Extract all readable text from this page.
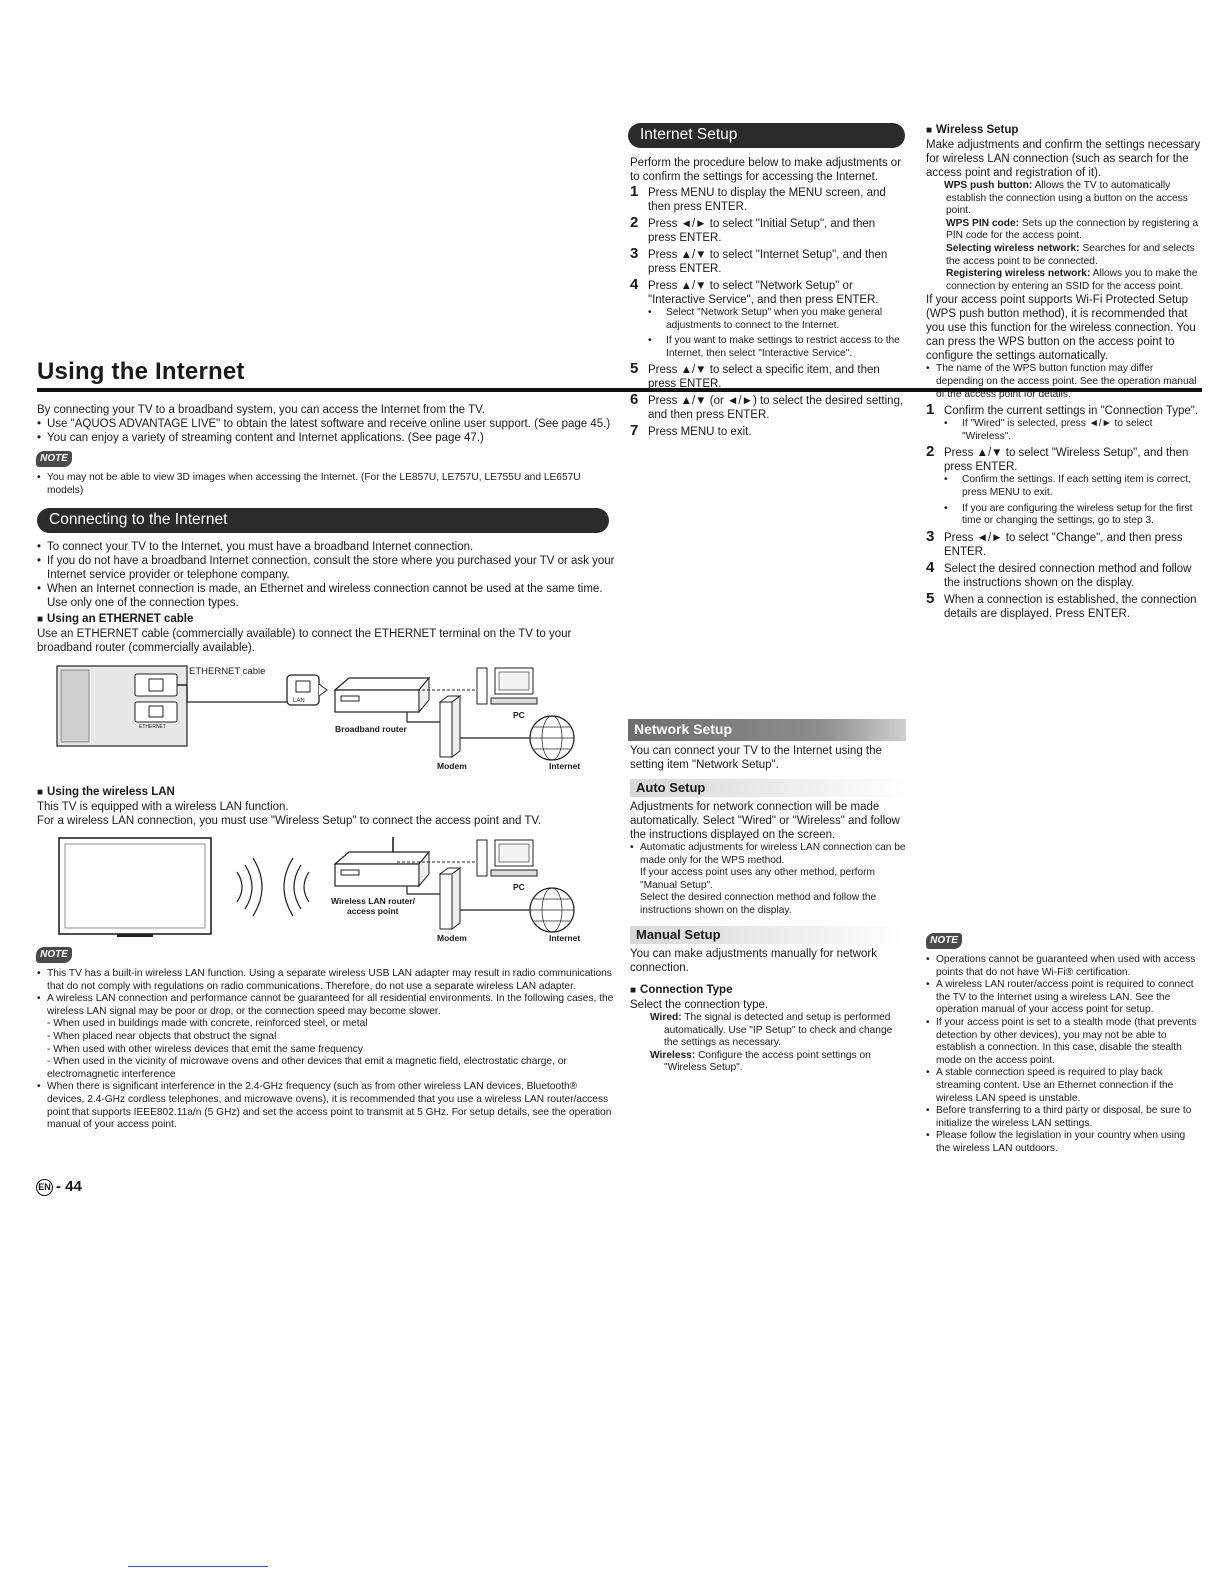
Using the Internet

By connecting your TV to a broadband system, you can access the Internet from the TV.

• Use "AQUOS ADVANTAGE LIVE" to obtain the latest software and receive online user support. (See page 45.)
• You can enjoy a variety of streaming content and Internet applications. (See page 47.)
NOTE
• You may not be able to view 3D images when accessing the Internet. (For the LE857U, LE757U, LE755U and LE657U models)
Connecting to the Internet
• To connect your TV to the Internet, you must have a broadband Internet connection.
• If you do not have a broadband Internet connection, consult the store where you purchased your TV or ask your Internet service provider or telephone company.
• When an Internet connection is made, an Ethernet and wireless connection cannot be used at the same time. Use only one of the connection types.
■ Using an ETHERNET cable

Use an ETHERNET cable (commercially available) to connect the ETHERNET terminal on the TV to your broadband router (commercially available).

ETHERNET cable
LAN
ETHERNET	Broadband router
PC
Modem	Internet
■ Using the wireless LAN

This TV is equipped with a wireless LAN function.

For a wireless LAN connection, you must use "Wireless Setup" to connect the access point and TV.

Wireless LAN router/
access point
PC
Modem	Internet
NOTE
• This TV has a built-in wireless LAN function. Using a separate wireless USB LAN adapter may result in radio communications that do not comply with regulations on radio communications. Therefore, do not use a separate wireless LAN adapter.
• A wireless LAN connection and performance cannot be guaranteed for all residential environments. In the following cases, the wireless LAN signal may be poor or drop, or the connection speed may become slower.
- When used in buildings made with concrete, reinforced steel, or metal
- When placed near objects that obstruct the signal
- When used with other wireless devices that emit the same frequency
- When used in the vicinity of microwave ovens and other devices that emit a magnetic field, electrostatic charge, or electromagnetic interference
• When there is significant interference in the 2.4-GHz frequency (such as from other wireless LAN devices, Bluetooth® devices, 2.4-GHz cordless telephones, and microwave ovens), it is recommended that you use a wireless LAN router/access point that supports IEEE802.11a/n (5 GHz) and set the access point to transmit at 5 GHz. For setup details, see the operation manual of your access point.
EN - 44
Internet Setup

Perform the procedure below to make adjustments or to confirm the settings for accessing the Internet.

1 Press MENU to display the MENU screen, and then press ENTER.
2 Press ◄/► to select "Initial Setup", and then press ENTER.
3 Press ▲/▼ to select "Internet Setup", and then press ENTER.
4 Press ▲/▼ to select "Network Setup" or "Interactive Service", and then press ENTER.
• Select "Network Setup" when you make general adjustments to connect to the Internet.
• If you want to make settings to restrict access to the Internet, then select "Interactive Service".
5 Press ▲/▼ to select a specific item, and then press ENTER.
6 Press ▲/▼ (or ◄/►) to select the desired setting, and then press ENTER.
7 Press MENU to exit.
Network Setup

You can connect your TV to the Internet using the setting item "Network Setup".

Auto Setup

Adjustments for network connection will be made automatically. Select "Wired" or "Wireless" and follow the instructions displayed on the screen.

• Automatic adjustments for wireless LAN connection can be made only for the WPS method.
If your access point uses any other method, perform "Manual Setup".
Select the desired connection method and follow the instructions shown on the display.
Manual Setup

You can make adjustments manually for network connection.

■ Connection Type

Select the connection type.

Wired: The signal is detected and setup is performed automatically. Use "IP Setup" to check and change the settings as necessary.
Wireless: Configure the access point settings on "Wireless Setup".
■ Wireless Setup

Make adjustments and confirm the settings necessary for wireless LAN connection (such as search for the access point and registration of it).

WPS push button: Allows the TV to automatically establish the connection using a button on the access point.
WPS PIN code: Sets up the connection by registering a PIN code for the access point.
Selecting wireless network: Searches for and selects the access point to be connected.
Registering wireless network: Allows you to make the connection by entering an SSID for the access point.

If your access point supports Wi-Fi Protected Setup (WPS push button method), it is recommended that you use this function for the wireless connection. You can press the WPS button on the access point to configure the settings automatically.

• The name of the WPS button function may differ depending on the access point. See the operation manual of the access point for details.
1 Confirm the current settings in "Connection Type".
• If "Wired" is selected, press ◄/► to select "Wireless".
2 Press ▲/▼ to select "Wireless Setup", and then press ENTER.
• Confirm the settings. If each setting item is correct, press MENU to exit.
• If you are configuring the wireless setup for the first time or changing the settings, go to step 3.
3 Press ◄/► to select "Change", and then press ENTER.
4 Select the desired connection method and follow the instructions shown on the display.
5 When a connection is established, the connection details are displayed. Press ENTER.
NOTE
• Operations cannot be guaranteed when used with access points that do not have Wi-Fi® certification.
• A wireless LAN router/access point is required to connect the TV to the Internet using a wireless LAN. See the operation manual of your access point for setup.
• If your access point is set to a stealth mode (that prevents detection by other devices), you may not be able to establish a connection. In this case, disable the stealth mode on the access point.
• A stable connection speed is required to play back streaming content. Use an Ethernet connection if the wireless LAN speed is unstable.
• Before transferring to a third party or disposal, be sure to initialize the wireless LAN settings.
• Please follow the legislation in your country when using the wireless LAN outdoors.
